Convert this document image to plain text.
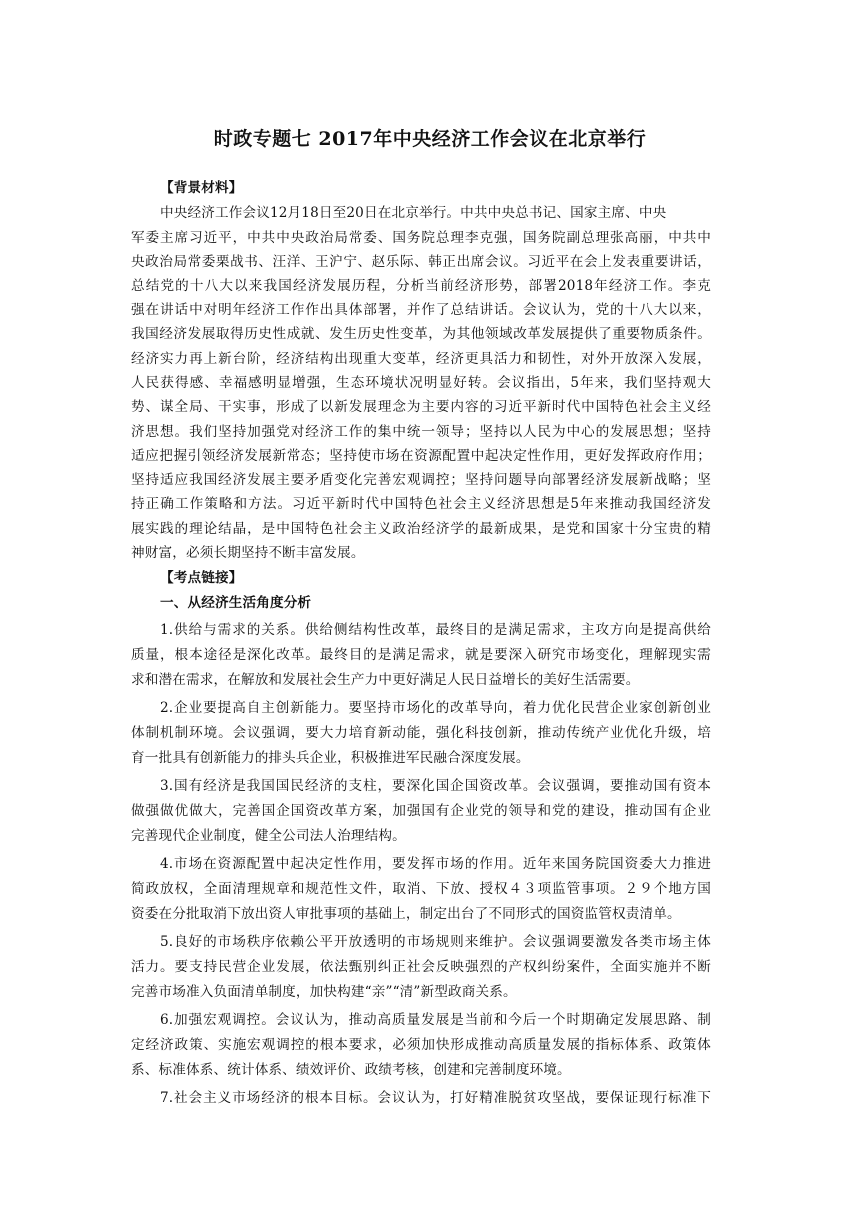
时政专题七 2017年中央经济工作会议在北京举行
【背景材料】
中央经济工作会议12月18日至20日在北京举行。中共中央总书记、国家主席、中央
军委主席习近平，中共中央政治局常委、国务院总理李克强，国务院副总理张高丽，中共中
央政治局常委栗战书、汪洋、王沪宁、赵乐际、韩正出席会议。习近平在会上发表重要讲话，
总结党的十八大以来我国经济发展历程，分析当前经济形势，部署2018年经济工作。李克
强在讲话中对明年经济工作作出具体部署，并作了总结讲话。会议认为，党的十八大以来，
我国经济发展取得历史性成就、发生历史性变革，为其他领域改革发展提供了重要物质条件。
经济实力再上新台阶，经济结构出现重大变革，经济更具活力和韧性，对外开放深入发展，
人民获得感、幸福感明显增强，生态环境状况明显好转。会议指出，5年来，我们坚持观大
势、谋全局、干实事，形成了以新发展理念为主要内容的习近平新时代中国特色社会主义经
济思想。我们坚持加强党对经济工作的集中统一领导；坚持以人民为中心的发展思想；坚持
适应把握引领经济发展新常态；坚持使市场在资源配置中起决定性作用，更好发挥政府作用；
坚持适应我国经济发展主要矛盾变化完善宏观调控；坚持问题导向部署经济发展新战略；坚
持正确工作策略和方法。习近平新时代中国特色社会主义经济思想是5年来推动我国经济发
展实践的理论结晶，是中国特色社会主义政治经济学的最新成果，是党和国家十分宝贵的精
神财富，必须长期坚持不断丰富发展。
【考点链接】
一、从经济生活角度分析
1.供给与需求的关系。供给侧结构性改革，最终目的是满足需求，主攻方向是提高供给
质量，根本途径是深化改革。最终目的是满足需求，就是要深入研究市场变化，理解现实需
求和潜在需求，在解放和发展社会生产力中更好满足人民日益增长的美好生活需要。
2.企业要提高自主创新能力。要坚持市场化的改革导向，着力优化民营企业家创新创业
体制机制环境。会议强调，要大力培育新动能，强化科技创新，推动传统产业优化升级，培
育一批具有创新能力的排头兵企业，积极推进军民融合深度发展。
3.国有经济是我国国民经济的支柱，要深化国企国资改革。会议强调，要推动国有资本
做强做优做大，完善国企国资改革方案，加强国有企业党的领导和党的建设，推动国有企业
完善现代企业制度，健全公司法人治理结构。
4.市场在资源配置中起决定性作用，要发挥市场的作用。近年来国务院国资委大力推进
简政放权，全面清理规章和规范性文件，取消、下放、授权４３项监管事项。２９个地方国
资委在分批取消下放出资人审批事项的基础上，制定出台了不同形式的国资监管权责清单。
5.良好的市场秩序依赖公平开放透明的市场规则来维护。会议强调要激发各类市场主体
活力。要支持民营企业发展，依法甄别纠正社会反映强烈的产权纠纷案件，全面实施并不断
完善市场准入负面清单制度，加快构建“亲”“清”新型政商关系。
6.加强宏观调控。会议认为，推动高质量发展是当前和今后一个时期确定发展思路、制
定经济政策、实施宏观调控的根本要求，必须加快形成推动高质量发展的指标体系、政策体
系、标准体系、统计体系、绩效评价、政绩考核，创建和完善制度环境。
7.社会主义市场经济的根本目标。会议认为，打好精准脱贫攻坚战，要保证现行标准下
